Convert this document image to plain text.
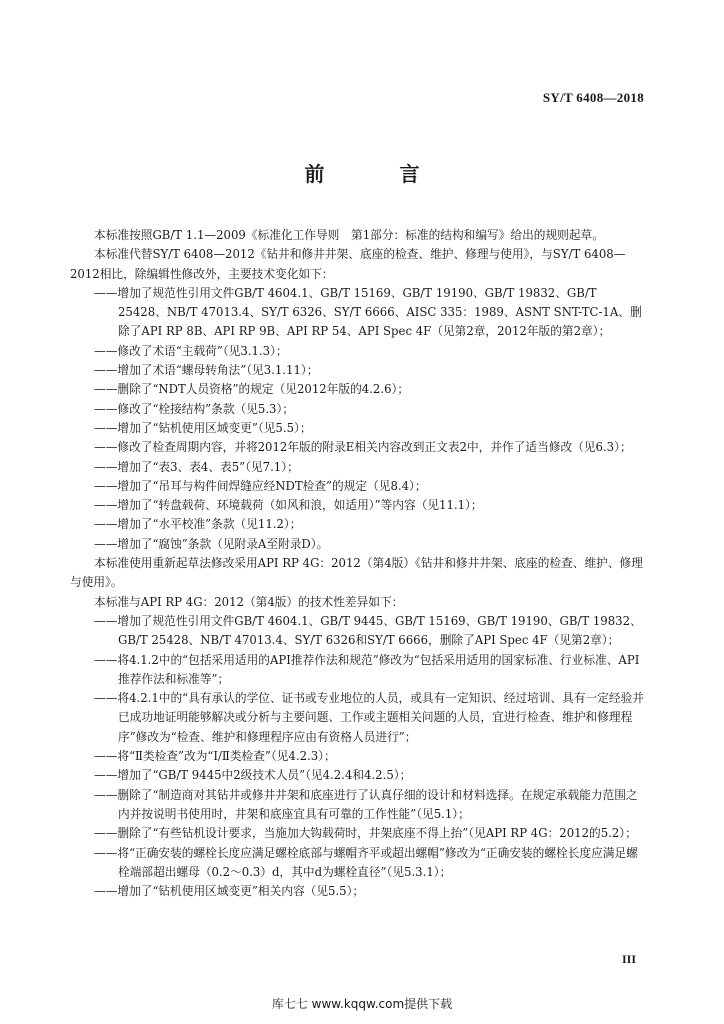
SY/T 6408—2018
前 言

本标准按照GB/T 1.1—2009《标准化工作导则　第1部分：标准的结构和编写》给出的规则起草。

本标准代替SY/T 6408—2012《钻井和修井井架、底座的检查、维护、修理与使用》，与SY/T 6408—2012相比，除编辑性修改外，主要技术变化如下：

——增加了规范性引用文件GB/T 4604.1、GB/T 15169、GB/T 19190、GB/T 19832、GB/T 25428、NB/T 47013.4、SY/T 6326、SY/T 6666、AISC 335：1989、ASNT SNT-TC-1A、删除了API RP 8B、API RP 9B、API RP 54、API Spec 4F（见第2章，2012年版的第2章）；

——修改了术语“主载荷”（见3.1.3）；

——增加了术语“螺母转角法”（见3.1.11）；

——删除了“NDT人员资格”的规定（见2012年版的4.2.6）；

——修改了“栓接结构”条款（见5.3）；

——增加了“钻机使用区域变更”（见5.5）；

——修改了检查周期内容，并将2012年版的附录E相关内容改到正文表2中，并作了适当修改（见6.3）；

——增加了“表3、表4、表5”（见7.1）；

——增加了“吊耳与构件间焊缝应经NDT检查”的规定（见8.4）；

——增加了“转盘载荷、环境载荷（如风和浪，如适用）”等内容（见11.1）；

——增加了“水平校准”条款（见11.2）；

——增加了“腐蚀”条款（见附录A至附录D）。

本标准使用重新起草法修改采用API RP 4G：2012（第4版）《钻井和修井井架、底座的检查、维护、修理与使用》。

本标准与API RP 4G：2012（第4版）的技术性差异如下：

——增加了规范性引用文件GB/T 4604.1、GB/T 9445、GB/T 15169、GB/T 19190、GB/T 19832、GB/T 25428、NB/T 47013.4、SY/T 6326和SY/T 6666，删除了API Spec 4F（见第2章）；

——将4.1.2中的“包括采用适用的API推荐作法和规范”修改为“包括采用适用的国家标准、行业标准、API推荐作法和标准等”；

——将4.2.1中的“具有承认的学位、证书或专业地位的人员，或具有一定知识、经过培训、具有一定经验并已成功地证明能够解决或分析与主要问题、工作或主题相关问题的人员，宜进行检查、维护和修理程序”修改为“检查、维护和修理程序应由有资格人员进行”；

——将“Ⅱ类检查”改为“Ⅰ/Ⅱ类检查”（见4.2.3）；

——增加了“GB/T 9445中2级技术人员”（见4.2.4和4.2.5）；

——删除了“制造商对其钻井或修井井架和底座进行了认真仔细的设计和材料选择。在规定承载能力范围之内并按说明书使用时，井架和底座宜具有可靠的工作性能”（见5.1）；

——删除了“有些钻机设计要求，当施加大钩载荷时，井架底座不得上抬”（见API RP 4G：2012的5.2）；

——将“正确安装的螺栓长度应满足螺栓底部与螺帽齐平或超出螺帽”修改为“正确安装的螺栓长度应满足螺栓端部超出螺母（0.2～0.3）d，其中d为螺栓直径”（见5.3.1）；

——增加了“钻机使用区域变更”相关内容（见5.5）；

III
库七七 www.kqqw.com提供下载
